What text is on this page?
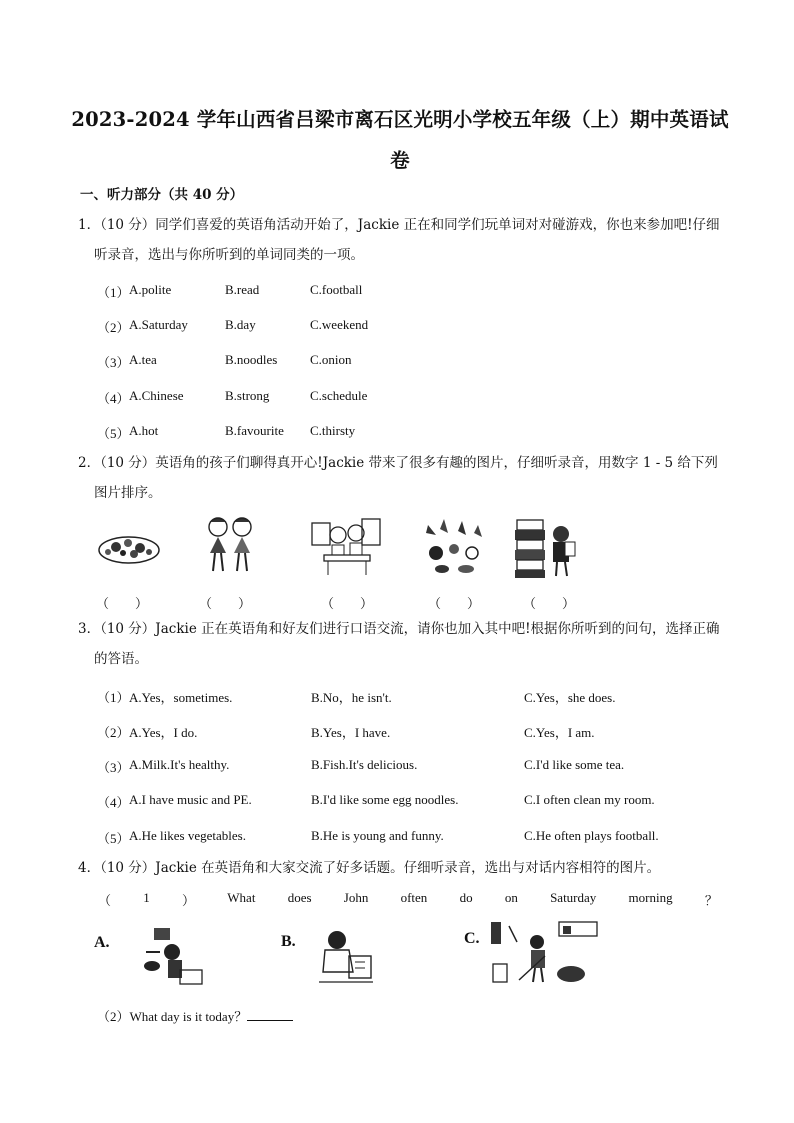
2023-2024 学年山西省吕梁市离石区光明小学校五年级（上）期中英语试
卷
一、听力部分（共 40 分）
1．（10 分）同学们喜爱的英语角活动开始了，Jackie 正在和同学们玩单词对对碰游戏，你也来参加吧!仔细
听录音，选出与你所听到的单词同类的一项。
（1） A.polite	B.read	C.football
（2） A.Saturday	B.day	C.weekend
（3） A.tea	B.noodles	C.onion
（4） A.Chinese	B.strong	C.schedule
（5） A.hot	B.favourite C.thirsty
2．（10 分）英语角的孩子们聊得真开心!Jackie 带来了很多有趣的图片，仔细听录音，用数字 1 - 5 给下列
图片排序。
（　　）	（　　）	（　　）	（　　）	（　　）
3．（10 分）Jackie 正在英语角和好友们进行口语交流，请你也加入其中吧!根据你所听到的问句，选择正确
的答语。
（1） A.Yes，sometimes.	B.No，he isn't.	C.Yes，she does.
（2） A.Yes，I do.	B.Yes，I have.	C.Yes，I am.
（3） A.Milk.It's healthy.	B.Fish.It's delicious.	C.I'd like some tea.
（4） A.I have music and PE.	B.I'd like some egg noodles.	C.I often clean my room.
（5） A.He likes vegetables.	B.He is young and funny.	C.He often plays football.
4．（10 分）Jackie 在英语角和大家交流了好多话题。仔细听录音，选出与对话内容相符的图片。
（ 1 ） What does John often do on Saturday morning ？
A.	B.	C.
（2）What day is it today？
